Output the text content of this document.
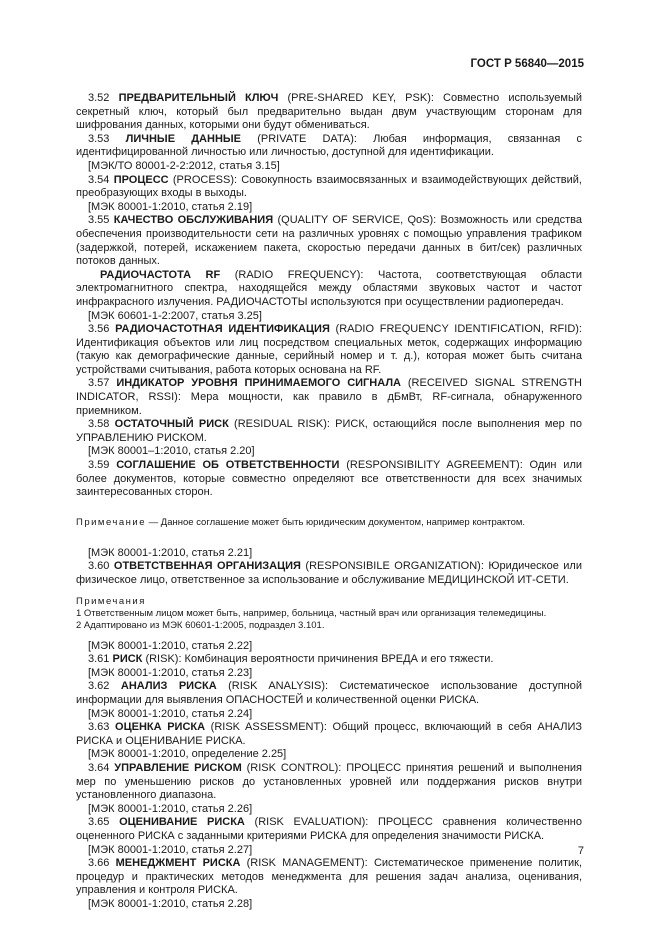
ГОСТ Р 56840—2015

3.52 ПРЕДВАРИТЕЛЬНЫЙ КЛЮЧ (PRE-SHARED KEY, PSK): Совместно используемый секретный ключ, который был предварительно выдан двум участвующим сторонам для шифрования данных, которыми они будут обмениваться.

3.53 ЛИЧНЫЕ ДАННЫЕ (PRIVATE DATA): Любая информация, связанная с идентифицированной личностью или личностью, доступной для идентификации.

[МЭК/ТО 80001-2-2:2012, статья 3.15]

3.54 ПРОЦЕСС (PROCESS): Совокупность взаимосвязанных и взаимодействующих действий, преобразующих входы в выходы.

[МЭК 80001-1:2010, статья 2.19]

3.55 КАЧЕСТВО ОБСЛУЖИВАНИЯ (QUALITY OF SERVICE, QoS): Возможность или средства обеспечения производительности сети на различных уровнях с помощью управления трафиком (задержкой, потерей, искажением пакета, скоростью передачи данных в бит/сек) различных потоков данных.

РАДИОЧАСТОТА RF (RADIO FREQUENCY): Частота, соответствующая области электромагнитного спектра, находящейся между областями звуковых частот и частот инфракрасного излучения. РАДИОЧАСТОТЫ используются при осуществлении радиопередач.

[МЭК 60601-1-2:2007, статья 3.25]

3.56 РАДИОЧАСТОТНАЯ ИДЕНТИФИКАЦИЯ (RADIO FREQUENCY IDENTIFICATION, RFID): Идентификация объектов или лиц посредством специальных меток, содержащих информацию (такую как демографические данные, серийный номер и т. д.), которая может быть считана устройствами считывания, работа которых основана на RF.

3.57 ИНДИКАТОР УРОВНЯ ПРИНИМАЕМОГО СИГНАЛА (RECEIVED SIGNAL STRENGTH INDICATOR, RSSI): Мера мощности, как правило в дБмВт, RF-сигнала, обнаруженного приемником.

3.58 ОСТАТОЧНЫЙ РИСК (RESIDUAL RISK): РИСК, остающийся после выполнения мер по УПРАВЛЕНИЮ РИСКОМ.

[МЭК 80001–1:2010, статья 2.20]

3.59 СОГЛАШЕНИЕ ОБ ОТВЕТСТВЕННОСТИ (RESPONSIBILITY AGREEMENT): Один или более документов, которые совместно определяют все ответственности для всех значимых заинтересованных сторон.

Примечание — Данное соглашение может быть юридическим документом, например контрактом.

[МЭК 80001-1:2010, статья 2.21]

3.60 ОТВЕТСТВЕННАЯ ОРГАНИЗАЦИЯ (RESPONSIBILE ORGANIZATION): Юридическое или физическое лицо, ответственное за использование и обслуживание МЕДИЦИНСКОЙ ИТ-СЕТИ.

Примечания
1 Ответственным лицом может быть, например, больница, частный врач или организация телемедицины.
2 Адаптировано из МЭК 60601-1:2005, подраздел 3.101.

[МЭК 80001-1:2010, статья 2.22]

3.61 РИСК (RISK): Комбинация вероятности причинения ВРЕДА и его тяжести.

[МЭК 80001-1:2010, статья 2.23]

3.62 АНАЛИЗ РИСКА (RISK ANALYSIS): Систематическое использование доступной информации для выявления ОПАСНОСТЕЙ и количественной оценки РИСКА.

[МЭК 80001-1:2010, статья 2.24]

3.63 ОЦЕНКА РИСКА (RISK ASSESSMENT): Общий процесс, включающий в себя АНАЛИЗ РИСКА и ОЦЕНИВАНИЕ РИСКА.

[МЭК 80001-1:2010, определение 2.25]

3.64 УПРАВЛЕНИЕ РИСКОМ (RISK CONTROL): ПРОЦЕСС принятия решений и выполнения мер по уменьшению рисков до установленных уровней или поддержания рисков внутри установленного диапазона.

[МЭК 80001-1:2010, статья 2.26]

3.65 ОЦЕНИВАНИЕ РИСКА (RISK EVALUATION): ПРОЦЕСС сравнения количественно оцененного РИСКА с заданными критериями РИСКА для определения значимости РИСКА.

[МЭК 80001-1:2010, статья 2.27]

3.66 МЕНЕДЖМЕНТ РИСКА (RISK MANAGEMENT): Систематическое применение политик, процедур и практических методов менеджмента для решения задач анализа, оценивания, управления и контроля РИСКА.

[МЭК 80001-1:2010, статья 2.28]

7
